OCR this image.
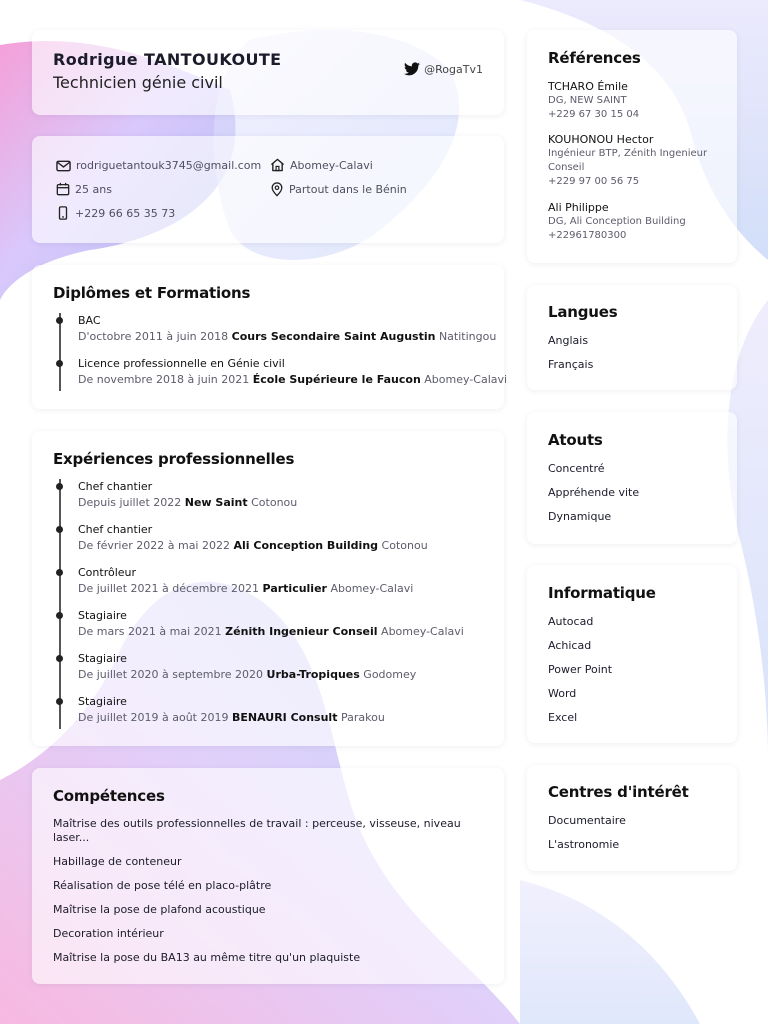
Rodrigue TANTOUKOUTE
Technicien génie civil
@RogaTv1
rodriguetantouk3745@gmail.com
25 ans
+229 66 65 35 73
Abomey-Calavi
Partout dans le Bénin
Diplômes et Formations
BAC
D'octobre 2011 à juin 2018 Cours Secondaire Saint Augustin Natitingou
Licence professionnelle en Génie civil
De novembre 2018 à juin 2021 École Supérieure le Faucon Abomey-Calavi
Expériences professionnelles
Chef chantier
Depuis juillet 2022 New Saint Cotonou
Chef chantier
De février 2022 à mai 2022 Ali Conception Building Cotonou
Contrôleur
De juillet 2021 à décembre 2021 Particulier Abomey-Calavi
Stagiaire
De mars 2021 à mai 2021 Zénith Ingenieur Conseil Abomey-Calavi
Stagiaire
De juillet 2020 à septembre 2020 Urba-Tropiques Godomey
Stagiaire
De juillet 2019 à août 2019 BENAURI Consult Parakou
Compétences
Maîtrise des outils professionnelles de travail : perceuse, visseuse, niveau laser...
Habillage de conteneur
Réalisation de pose télé en placo-plâtre
Maîtrise la pose de plafond acoustique
Decoration intérieur
Maîtrise la pose du BA13 au même titre qu'un plaquiste
Références
TCHARO Émile
DG, NEW SAINT
+229 67 30 15 04
KOUHONOU Hector
Ingénieur BTP, Zénith Ingenieur Conseil
+229 97 00 56 75
Ali Philippe
DG, Ali Conception Building
+22961780300
Langues
Anglais
Français
Atouts
Concentré
Appréhende vite
Dynamique
Informatique
Autocad
Achicad
Power Point
Word
Excel
Centres d'intérêt
Documentaire
L'astronomie
